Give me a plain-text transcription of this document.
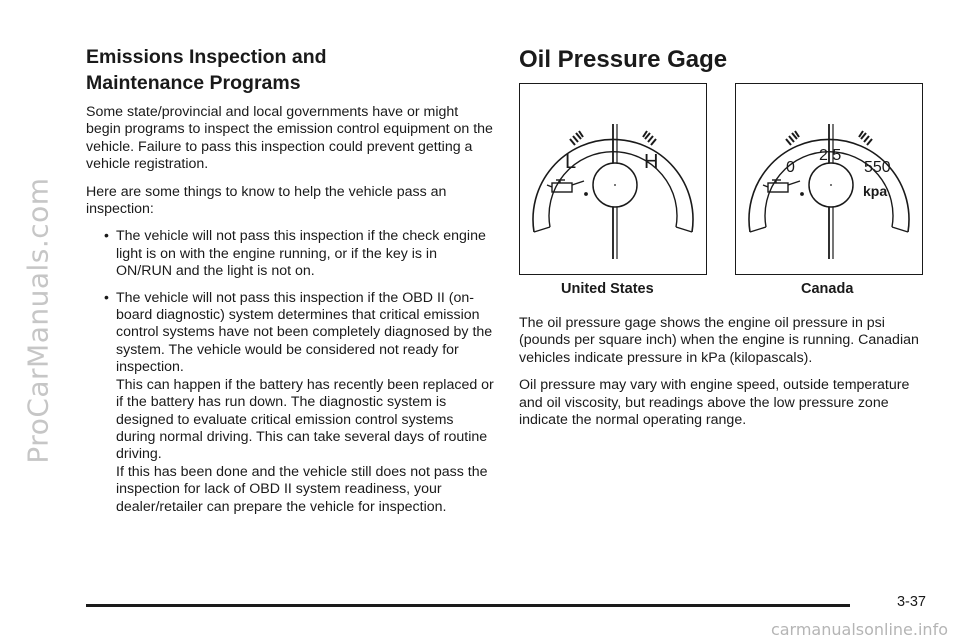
ProCarManuals.com
Emissions Inspection and
Maintenance Programs

Some state/provincial and local governments have or might begin programs to inspect the emission control equipment on the vehicle. Failure to pass this inspection could prevent getting a vehicle registration.

Here are some things to know to help the vehicle pass an inspection:

• The vehicle will not pass this inspection if the check engine light is on with the engine running, or if the key is in ON/RUN and the light is not on.
• The vehicle will not pass this inspection if the OBD II (on-board diagnostic) system determines that critical emission control systems have not been completely diagnosed by the system. The vehicle would be considered not ready for inspection.
This can happen if the battery has recently been replaced or if the battery has run down. The diagnostic system is designed to evaluate critical emission control systems during normal driving. This can take several days of routine driving.
If this has been done and the vehicle still does not pass the inspection for lack of OBD II system readiness, your dealer/retailer can prepare the vehicle for inspection.
Oil Pressure Gage
L	H
United States
0
2 5
550
kpa
Canada

The oil pressure gage shows the engine oil pressure in psi (pounds per square inch) when the engine is running. Canadian vehicles indicate pressure in kPa (kilopascals).

Oil pressure may vary with engine speed, outside temperature and oil viscosity, but readings above the low pressure zone indicate the normal operating range.

3-37
carmanualsonline.info
